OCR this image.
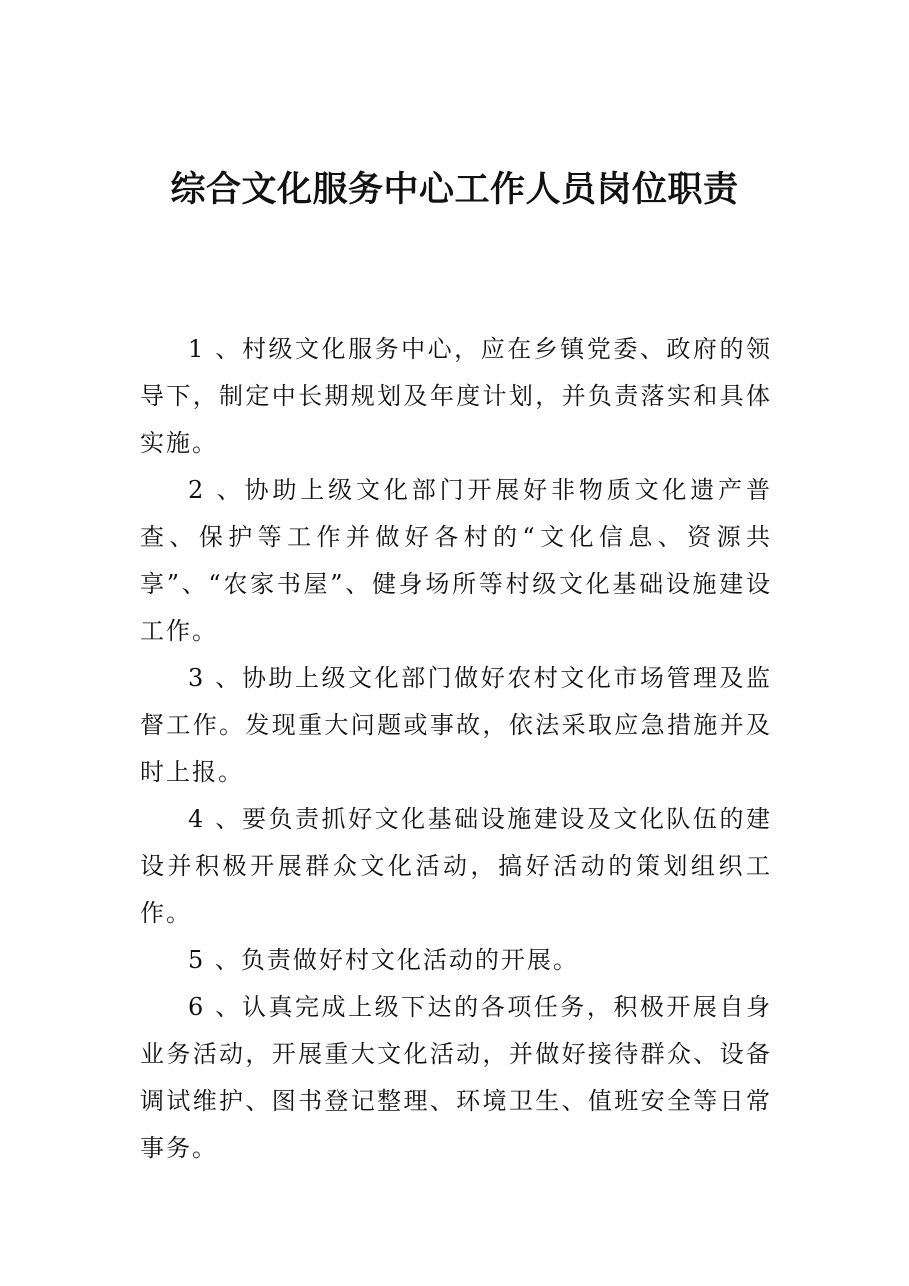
综合文化服务中心工作人员岗位职责

1 、村级文化服务中心，应在乡镇党委、政府的领导下，制定中长期规划及年度计划，并负责落实和具体实施。

2 、协助上级文化部门开展好非物质文化遗产普查、保护等工作并做好各村的“文化信息、资源共享”、“农家书屋”、健身场所等村级文化基础设施建设工作。

3 、协助上级文化部门做好农村文化市场管理及监督工作。发现重大问题或事故，依法采取应急措施并及时上报。

4 、要负责抓好文化基础设施建设及文化队伍的建设并积极开展群众文化活动，搞好活动的策划组织工作。

5 、负责做好村文化活动的开展。

6 、认真完成上级下达的各项任务，积极开展自身业务活动，开展重大文化活动，并做好接待群众、设备调试维护、图书登记整理、环境卫生、值班安全等日常事务。
